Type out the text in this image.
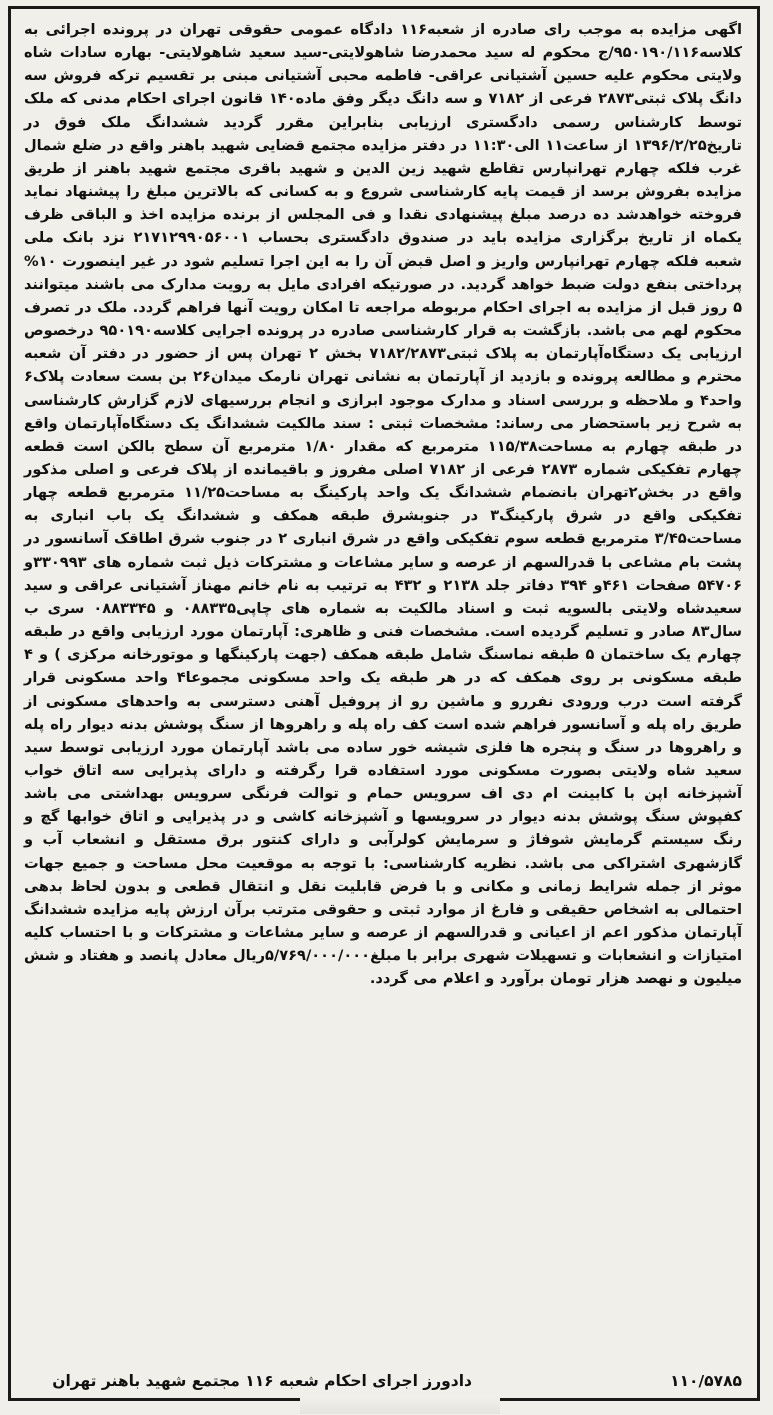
اگهی مزایده به موجب رای صادره از شعبه۱۱۶ دادگاه عمومی حقوقی تهران در پرونده اجرائی به کلاسه۹۵۰۱۹۰/۱۱۶/ج محکوم له سید محمدرضا شاهولایتی-سید سعید شاهولایتی- بهاره سادات شاه ولایتی محکوم علیه حسین آشتیانی عراقی- فاطمه محبی آشتیانی مبنی بر تقسیم ترکه فروش سه دانگ پلاک ثبتی۲۸۷۳ فرعی از ۷۱۸۲ و سه دانگ دیگر وفق ماده۱۴۰ قانون اجرای احکام مدنی که ملک توسط کارشناس رسمی دادگستری ارزیابی بنابراین مقرر گردید ششدانگ ملک فوق در تاریخ۱۳۹۶/۲/۲۵ از ساعت۱۱ الی۱۱:۳۰ در دفتر مزایده مجتمع قضایی شهید باهنر واقع در ضلع شمال غرب فلکه چهارم تهرانپارس تقاطع شهید زین الدین و شهید باقری مجتمع شهید باهنر از طریق مزایده بفروش برسد از قیمت پایه کارشناسی شروع و به کسانی که بالاترین مبلغ را پیشنهاد نماید فروخته خواهدشد ده درصد مبلغ پیشنهادی نقدا و فی المجلس از برنده مزایده اخذ و الباقی ظرف یکماه از تاریخ برگزاری مزایده باید در صندوق دادگستری بحساب ۲۱۷۱۲۹۹۰۵۶۰۰۱ نزد بانک ملی شعبه فلکه چهارم تهرانپارس واریز و اصل قبض آن را به این اجرا تسلیم شود در غیر اینصورت ۱۰% پرداختی بنفع دولت ضبط خواهد گردید. در صورتیکه افرادی مایل به رویت مدارک می باشند میتوانند ۵ روز قبل از مزایده به اجرای احکام مربوطه مراجعه تا امکان رویت آنها فراهم گردد. ملک در تصرف محکوم لهم می باشد. بازگشت به قرار کارشناسی صادره در پرونده اجرایی کلاسه۹۵۰۱۹۰ درخصوص ارزیابی یک دستگاه‌آپارتمان به پلاک ثبتی۷۱۸۲/۲۸۷۳ بخش ۲ تهران پس از حضور در دفتر آن شعبه محترم و مطالعه پرونده و بازدید از آپارتمان به نشانی تهران نارمک میدان۲۶ بن بست سعادت پلاک۶ واحد۴ و ملاحظه و بررسی اسناد و مدارک موجود ابرازی و انجام بررسیهای لازم گزارش کارشناسی به شرح زیر باستحضار می رساند: مشخصات ثبتی : سند مالکیت ششدانگ یک دستگاه‌آپارتمان واقع در طبقه چهارم به مساحت۱۱۵/۳۸ مترمربع که مقدار ۱/۸۰ مترمربع آن سطح بالکن است قطعه چهارم تفکیکی شماره ۲۸۷۳ فرعی از ۷۱۸۲ اصلی مفروز و باقیمانده از پلاک فرعی و اصلی مذکور واقع در بخش۲تهران بانضمام ششدانگ یک واحد پارکینگ به مساحت۱۱/۲۵ مترمربع قطعه چهار تفکیکی واقع در شرق پارکینگ۳ در جنوبشرق طبقه همکف و ششدانگ یک باب انباری به مساحت۳/۴۵ مترمربع قطعه سوم تفکیکی واقع در شرق انباری ۲ در جنوب شرق اطاقک آسانسور در پشت بام مشاعی با قدرالسهم از عرصه و سایر مشاعات و مشترکات ذیل ثبت شماره های ۳۳۰۹۹۳و ۵۴۷۰۶ صفحات ۴۶۱و ۳۹۴ دفاتر جلد ۲۱۳۸ و ۴۳۲ به ترتیب به نام خانم مهناز آشتیانی عراقی و سید سعیدشاه ولایتی بالسویه ثبت و اسناد مالکیت به شماره های چاپی۰۸۸۳۳۵ و ۰۸۸۳۳۴۵ سری ب سال۸۳ صادر و تسلیم گردیده است. مشخصات فنی و ظاهری: آپارتمان مورد ارزیابی واقع در طبقه چهارم یک ساختمان ۵ طبقه نماسنگ شامل طبقه همکف (جهت پارکینگها و موتورخانه مرکزی ) و ۴ طبقه مسکونی بر روی همکف که در هر طبقه یک واحد مسکونی مجموعا۴ واحد مسکونی قرار گرفته است درب ورودی نفررو و ماشین رو از پروفیل آهنی دسترسی به واحدهای مسکونی از طریق راه پله و آسانسور فراهم شده است کف راه پله و راهروها از سنگ پوشش بدنه دیوار راه پله و راهروها در سنگ و پنجره ها فلزی شیشه خور ساده می باشد آپارتمان مورد ارزیابی توسط سید سعید شاه ولایتی بصورت مسکونی مورد استفاده قرا رگرفته و دارای پذیرایی سه اتاق خواب آشپزخانه اپن با کابینت ام دی اف سرویس حمام و توالت فرنگی سرویس بهداشتی می باشد کفپوش سنگ پوشش بدنه دیوار در سرویسها و آشپزخانه کاشی و در پذیرایی و اتاق خوابها گچ و رنگ سیستم گرمایش شوفاژ و سرمایش کولرآبی و دارای کنتور برق مستقل و انشعاب آب و گازشهری اشتراکی می باشد. نظریه کارشناسی: با توجه به موقعیت محل مساحت و جمیع جهات موثر از جمله شرایط زمانی و مکانی و با فرض قابلیت نقل و انتقال قطعی و بدون لحاظ بدهی احتمالی به اشخاص حقیقی و فارغ از موارد ثبتی و حقوقی مترتب برآن ارزش پایه مزایده ششدانگ آپارتمان مذکور اعم از اعیانی و قدرالسهم از عرصه و سایر مشاعات و مشترکات و با احتساب کلیه امتیازات و انشعابات و تسهیلات شهری برابر با مبلغ۵/۷۶۹/۰۰۰/۰۰۰ریال معادل پانصد و هفتاد و شش میلیون و نهصد هزار تومان برآورد و اعلام می گردد.

۱۱۰/۵۷۸۵
دادورز اجرای احکام شعبه ۱۱۶ مجتمع شهید باهنر تهران
